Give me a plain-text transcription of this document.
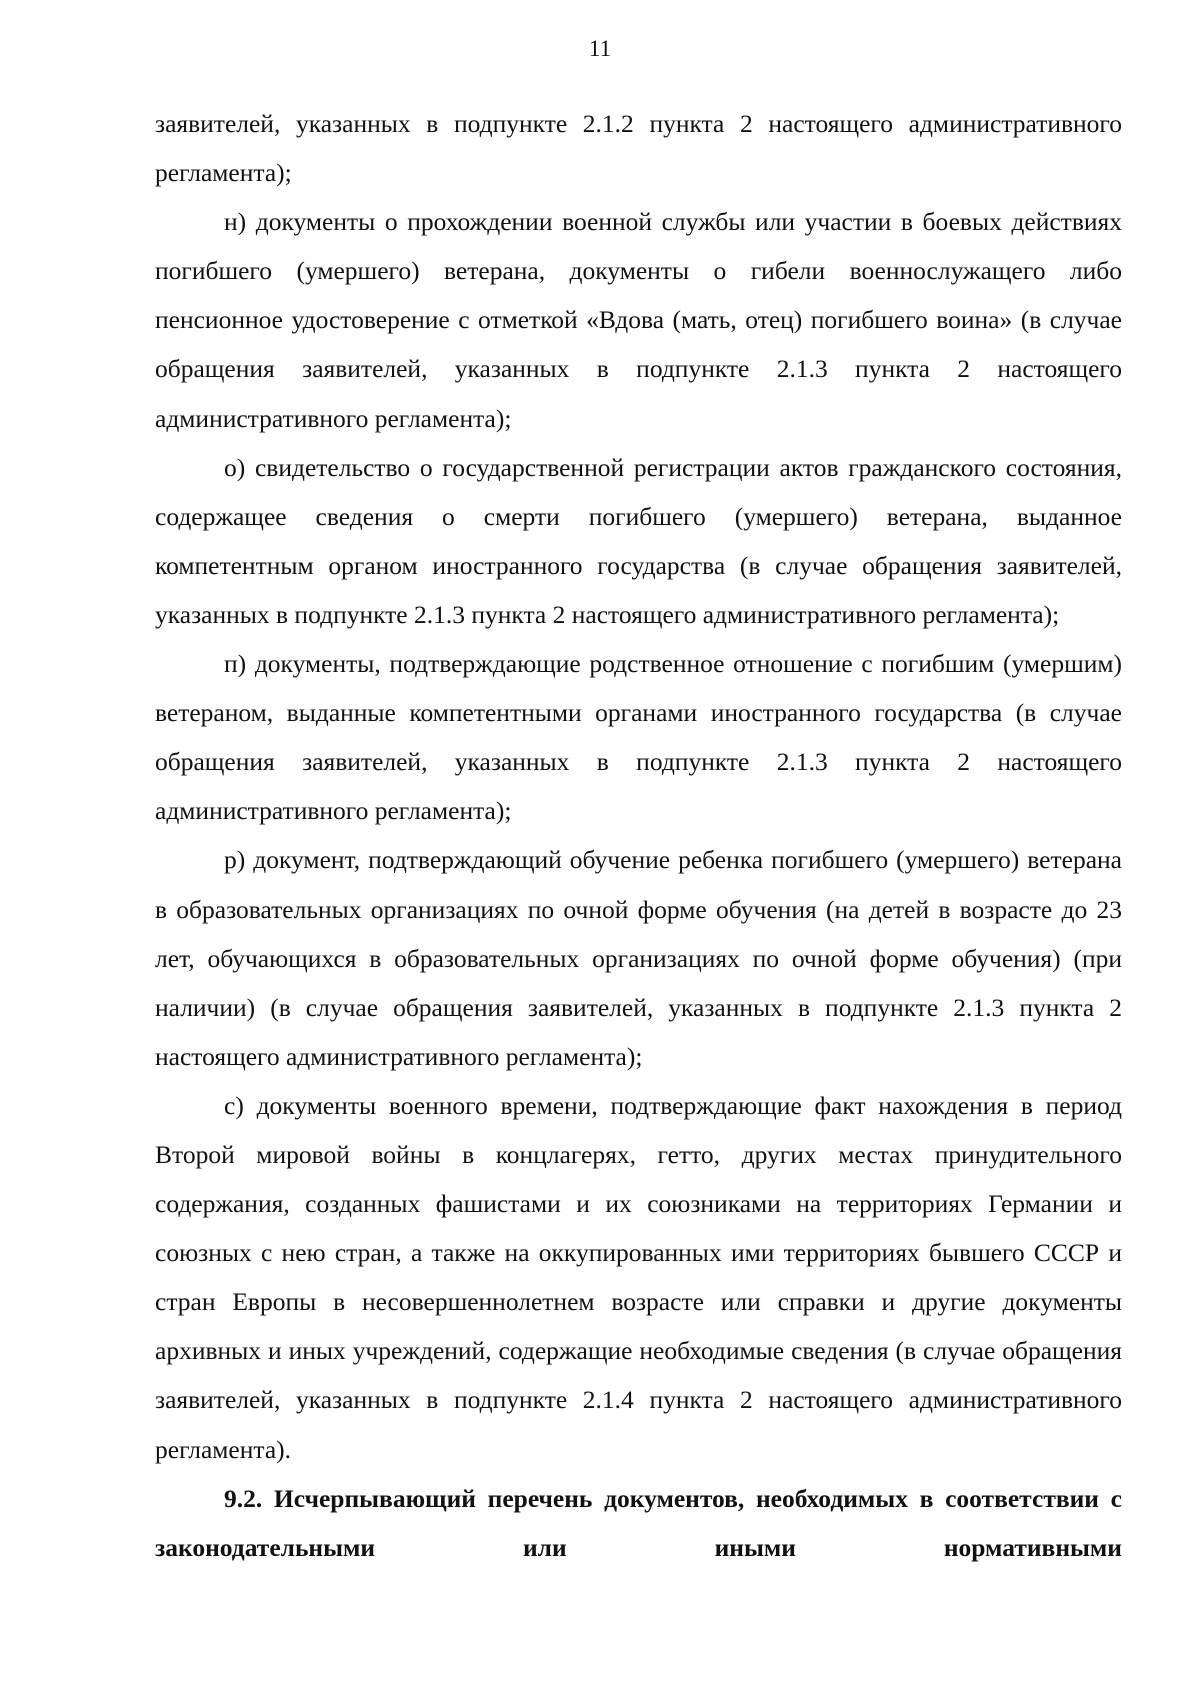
11

заявителей, указанных в подпункте 2.1.2 пункта 2 настоящего административного регламента);

н) документы о прохождении военной службы или участии в боевых действиях погибшего (умершего) ветерана, документы о гибели военнослужащего либо пенсионное удостоверение с отметкой «Вдова (мать, отец) погибшего воина» (в случае обращения заявителей, указанных в подпункте 2.1.3 пункта 2 настоящего административного регламента);

о) свидетельство о государственной регистрации актов гражданского состояния, содержащее сведения о смерти погибшего (умершего) ветерана, выданное компетентным органом иностранного государства (в случае обращения заявителей, указанных в подпункте 2.1.3 пункта 2 настоящего административного регламента);

п) документы, подтверждающие родственное отношение с погибшим (умершим) ветераном, выданные компетентными органами иностранного государства (в случае обращения заявителей, указанных в подпункте 2.1.3 пункта 2 настоящего административного регламента);

р) документ, подтверждающий обучение ребенка погибшего (умершего) ветерана в образовательных организациях по очной форме обучения (на детей в возрасте до 23 лет, обучающихся в образовательных организациях по очной форме обучения) (при наличии) (в случае обращения заявителей, указанных в подпункте 2.1.3 пункта 2 настоящего административного регламента);

с) документы военного времени, подтверждающие факт нахождения в период Второй мировой войны в концлагерях, гетто, других местах принудительного содержания, созданных фашистами и их союзниками на территориях Германии и союзных с нею стран, а также на оккупированных ими территориях бывшего СССР и стран Европы в несовершеннолетнем возрасте или справки и другие документы архивных и иных учреждений, содержащие необходимые сведения (в случае обращения заявителей, указанных в подпункте 2.1.4 пункта 2 настоящего административного регламента).

9.2. Исчерпывающий перечень документов, необходимых в соответствии с законодательными или иными нормативными
